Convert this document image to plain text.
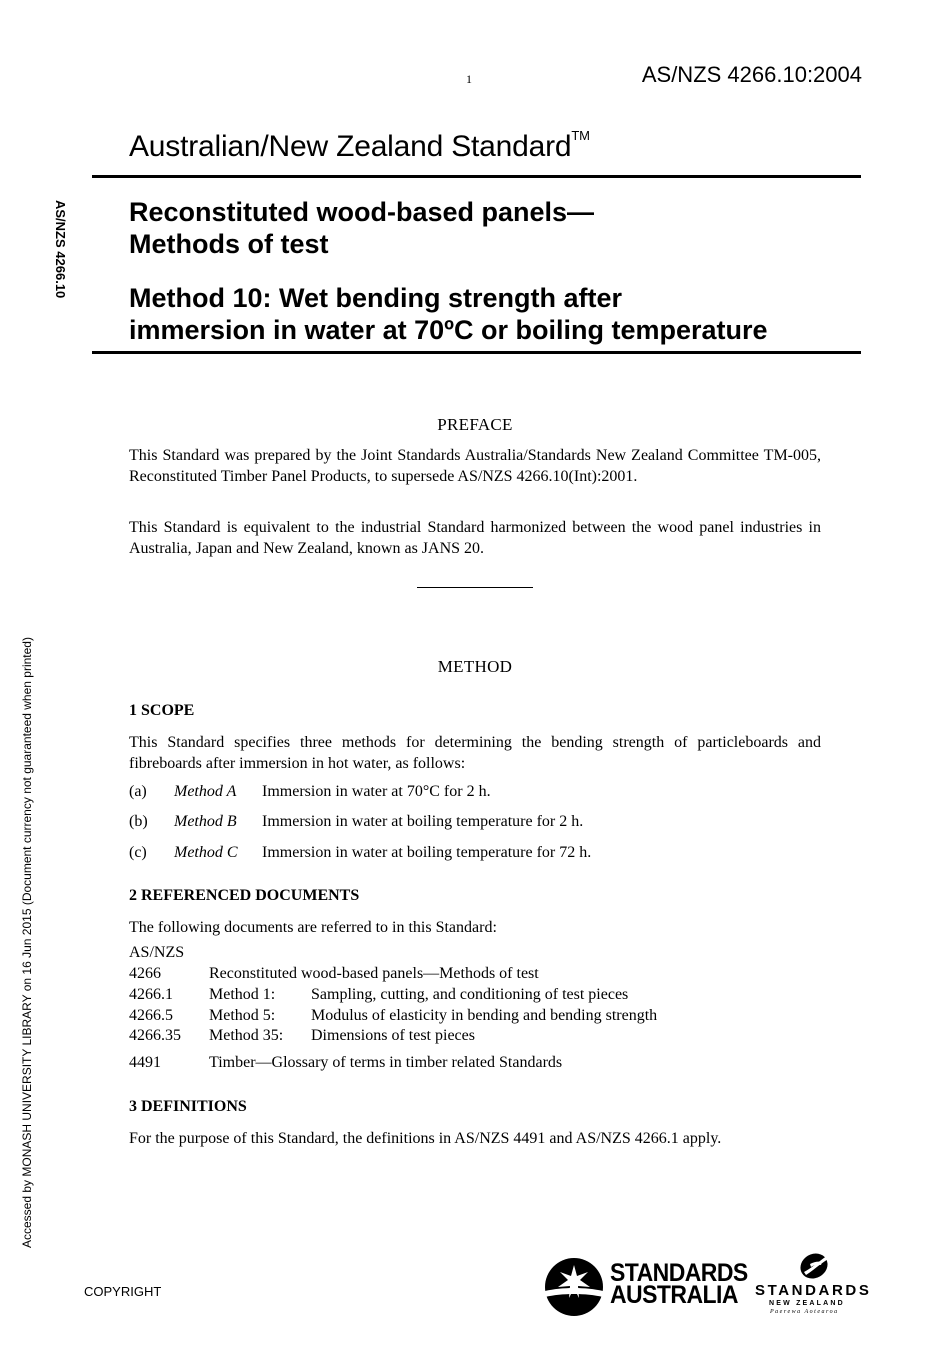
1	AS/NZS 4266.10:2004
Australian/New Zealand Standard™
AS/NZS 4266.10 Reconstituted wood-based panels—
Methods of test
Method 10: Wet bending strength after
immersion in water at 70ºC or boiling temperature
PREFACE
This Standard was prepared by the Joint Standards Australia/Standards New Zealand Committee TM-005, Reconstituted Timber Panel Products, to supersede AS/NZS 4266.10(Int):2001.
This Standard is equivalent to the industrial Standard harmonized between the wood panel industries in Australia, Japan and New Zealand, known as JANS 20.
METHOD
1 SCOPE
This Standard specifies three methods for determining the bending strength of particleboards and fibreboards after immersion in hot water, as follows:
(a) Method A Immersion in water at 70°C for 2 h.
(b) Method B Immersion in water at boiling temperature for 2 h.
(c) Method C Immersion in water at boiling temperature for 72 h.
2 REFERENCED DOCUMENTS
The following documents are referred to in this Standard:
AS/NZS
4266	Reconstituted wood-based panels—Methods of test
4266.1 Method 1: Sampling, cutting, and conditioning of test pieces
4266.5 Method 5: Modulus of elasticity in bending and bending strength
4266.35 Method 35: Dimensions of test pieces
4491	Timber—Glossary of terms in timber related Standards
3 DEFINITIONS
For the purpose of this Standard, the definitions in AS/NZS 4491 and AS/NZS 4266.1 apply.
Accessed by MONASH UNIVERSITY LIBRARY on 16 Jun 2015 (Document currency not guaranteed when printed)
COPYRIGHT
STANDARDS
AUSTRALIA	STANDARDS
NEW ZEALAND
Paerewa Aotearoa
